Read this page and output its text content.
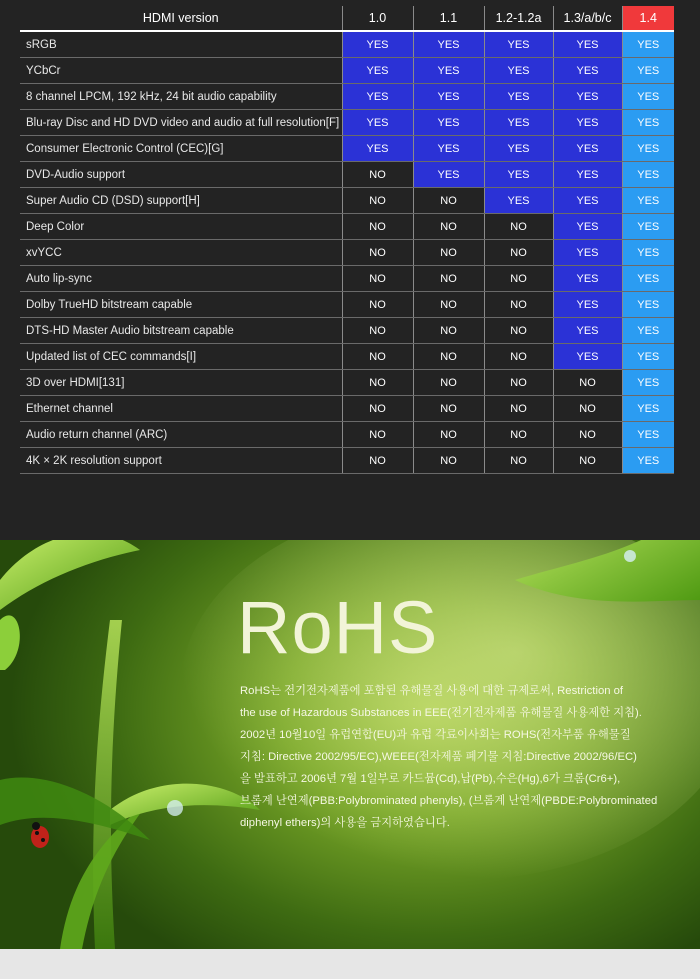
HDMI version	1.0	1.1	1.2-1.2a	1.3/a/b/c	1.4
sRGB	YES	YES	YES	YES	YES
YCbCr	YES	YES	YES	YES	YES
8 channel LPCM, 192 kHz, 24 bit audio capability	YES	YES	YES	YES	YES
Blu-ray Disc and HD DVD video and audio at full resolution[F]	YES	YES	YES	YES	YES
Consumer Electronic Control (CEC)[G]	YES	YES	YES	YES	YES
DVD-Audio support	NO	YES	YES	YES	YES
Super Audio CD (DSD) support[H]	NO	NO	YES	YES	YES
Deep Color	NO	NO	NO	YES	YES
xvYCC	NO	NO	NO	YES	YES
Auto lip-sync	NO	NO	NO	YES	YES
Dolby TrueHD bitstream capable	NO	NO	NO	YES	YES
DTS-HD Master Audio bitstream capable	NO	NO	NO	YES	YES
Updated list of CEC commands[I]	NO	NO	NO	YES	YES
3D over HDMI[131]	NO	NO	NO	NO	YES
Ethernet channel	NO	NO	NO	NO	YES
Audio return channel (ARC)	NO	NO	NO	NO	YES
4K × 2K resolution support	NO	NO	NO	NO	YES
RoHS
RoHS는 전기전자제품에 포함된 유해물질 사용에 대한 규제로써, Restriction of
the use of Hazardous Substances in EEE(전기전자제품 유해물질 사용제한 지침).
2002년 10월10일 유럽연합(EU)과 유럽 각료이사회는 ROHS(전자부품 유해물질
지침: Directive 2002/95/EC),WEEE(전자제품 폐기물 지침:Directive 2002/96/EC)
을 발표하고 2006년 7월 1일부로 카드뮴(Cd),납(Pb),수은(Hg),6가 크롬(Cr6+),
브롬계 난연제(PBB:Polybrominated phenyls), (브롬계 난연제(PBDE:Polybrominated
diphenyl ethers)의 사용을 금지하였습니다.
